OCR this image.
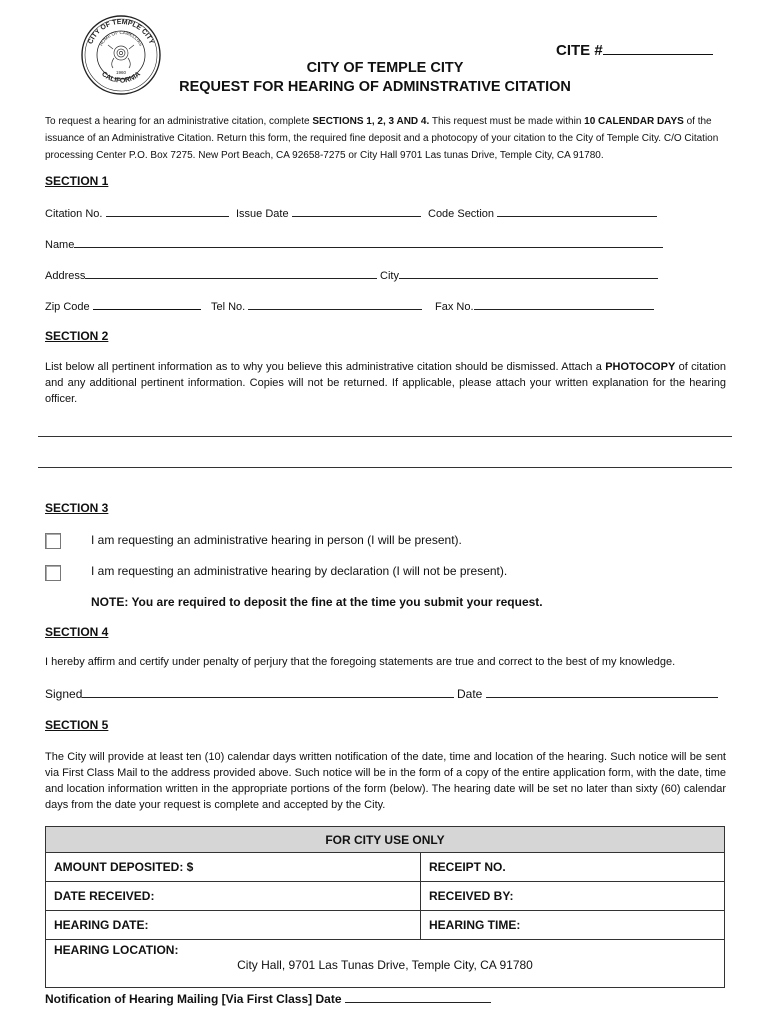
CITY OF TEMPLE CITY
HOME OF CAMELLIAS
CALIFORNIA
1960
CITE #
CITY OF TEMPLE CITY
REQUEST FOR HEARING OF ADMINSTRATIVE CITATION
To request a hearing for an administrative citation, complete SECTIONS 1, 2, 3 AND 4. This request must be made within 10 CALENDAR DAYS of the issuance of an Administrative Citation. Return this form, the required fine deposit and a photocopy of your citation to the City of Temple City. C/O Citation processing Center P.O. Box 7275. New Port Beach, CA 92658-7275 or City Hall 9701 Las tunas Drive, Temple City, CA 91780.
SECTION 1
Citation No.	Issue Date	Code Section
Name
Address	City
Zip Code	Tel No.	Fax No.
SECTION 2
List below all pertinent information as to why you believe this administrative citation should be dismissed. Attach a PHOTOCOPY of citation and any additional pertinent information. Copies will not be returned. If applicable, please attach your written explanation for the hearing officer.
SECTION 3
I am requesting an administrative hearing in person (I will be present).
I am requesting an administrative hearing by declaration (I will not be present).
NOTE: You are required to deposit the fine at the time you submit your request.
SECTION 4
I hereby affirm and certify under penalty of perjury that the foregoing statements are true and correct to the best of my knowledge.
Signed	Date
SECTION 5
The City will provide at least ten (10) calendar days written notification of the date, time and location of the hearing. Such notice will be sent via First Class Mail to the address provided above. Such notice will be in the form of a copy of the entire application form, with the date, time and location information written in the appropriate portions of the form (below). The hearing date will be set no later than sixty (60) calendar days from the date your request is complete and accepted by the City.
FOR CITY USE ONLY	
AMOUNT DEPOSITED: $	RECEIPT NO.
DATE RECEIVED:	RECEIVED BY:
HEARING DATE:	HEARING TIME:
HEARING LOCATION:
City Hall, 9701 Las Tunas Drive, Temple City, CA 91780	
Notification of Hearing Mailing [Via First Class] Date
